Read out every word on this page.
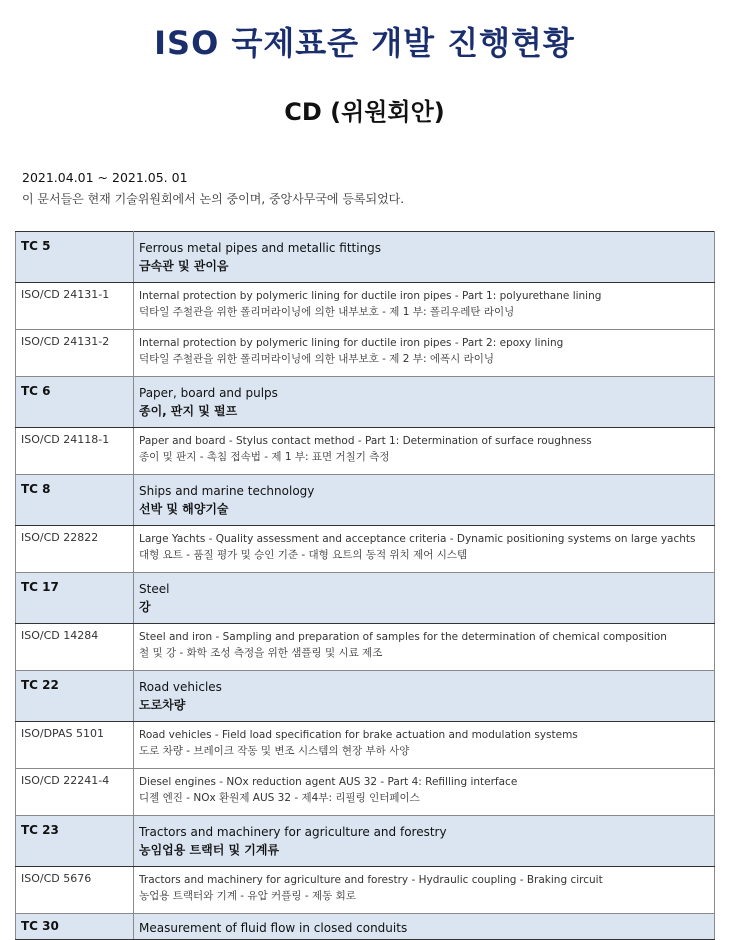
ISO 국제표준 개발 진행현황
CD (위원회안)
2021.04.01 ~ 2021.05. 01
이 문서들은 현재 기술위원회에서 논의 중이며, 중앙사무국에 등록되었다.
TC 5	Ferrous metal pipes and metallic fittings
금속관 및 관이음

ISO/CD 24131-1	Internal protection by polymeric lining for ductile iron pipes - Part 1: polyurethane lining
덕타일 주철관을 위한 폴리머라이닝에 의한 내부보호 - 제 1 부: 폴리우레탄 라이닝

ISO/CD 24131-2	Internal protection by polymeric lining for ductile iron pipes - Part 2: epoxy lining
덕타일 주철관을 위한 폴리머라이닝에 의한 내부보호 - 제 2 부: 에폭시 라이닝

TC 6	Paper, board and pulps
종이, 판지 및 펄프

ISO/CD 24118-1	Paper and board - Stylus contact method - Part 1: Determination of surface roughness
종이 및 판지 - 촉침 접속법 - 제 1 부: 표면 거칠기 측정

TC 8	Ships and marine technology
선박 및 해양기술

ISO/CD 22822	Large Yachts - Quality assessment and acceptance criteria - Dynamic positioning systems on large yachts
대형 요트 - 품질 평가 및 승인 기준 - 대형 요트의 동적 위치 제어 시스템

TC 17	Steel
강

ISO/CD 14284	Steel and iron - Sampling and preparation of samples for the determination of chemical composition
철 및 강 - 화학 조성 측정을 위한 샘플링 및 시료 제조

TC 22	Road vehicles
도로차량

ISO/DPAS 5101	Road vehicles - Field load specification for brake actuation and modulation systems
도로 차량 - 브레이크 작동 및 변조 시스템의 현장 부하 사양

ISO/CD 22241-4	Diesel engines - NOx reduction agent AUS 32 - Part 4: Refilling interface
디젤 엔진 - NOx 환원제 AUS 32 - 제4부: 리필링 인터페이스

TC 23	Tractors and machinery for agriculture and forestry
농임업용 트랙터 및 기계류

ISO/CD 5676	Tractors and machinery for agriculture and forestry - Hydraulic coupling - Braking circuit
농업용 트랙터와 기계 - 유압 커플링 - 제동 회로

TC 30	Measurement of fluid flow in closed conduits
